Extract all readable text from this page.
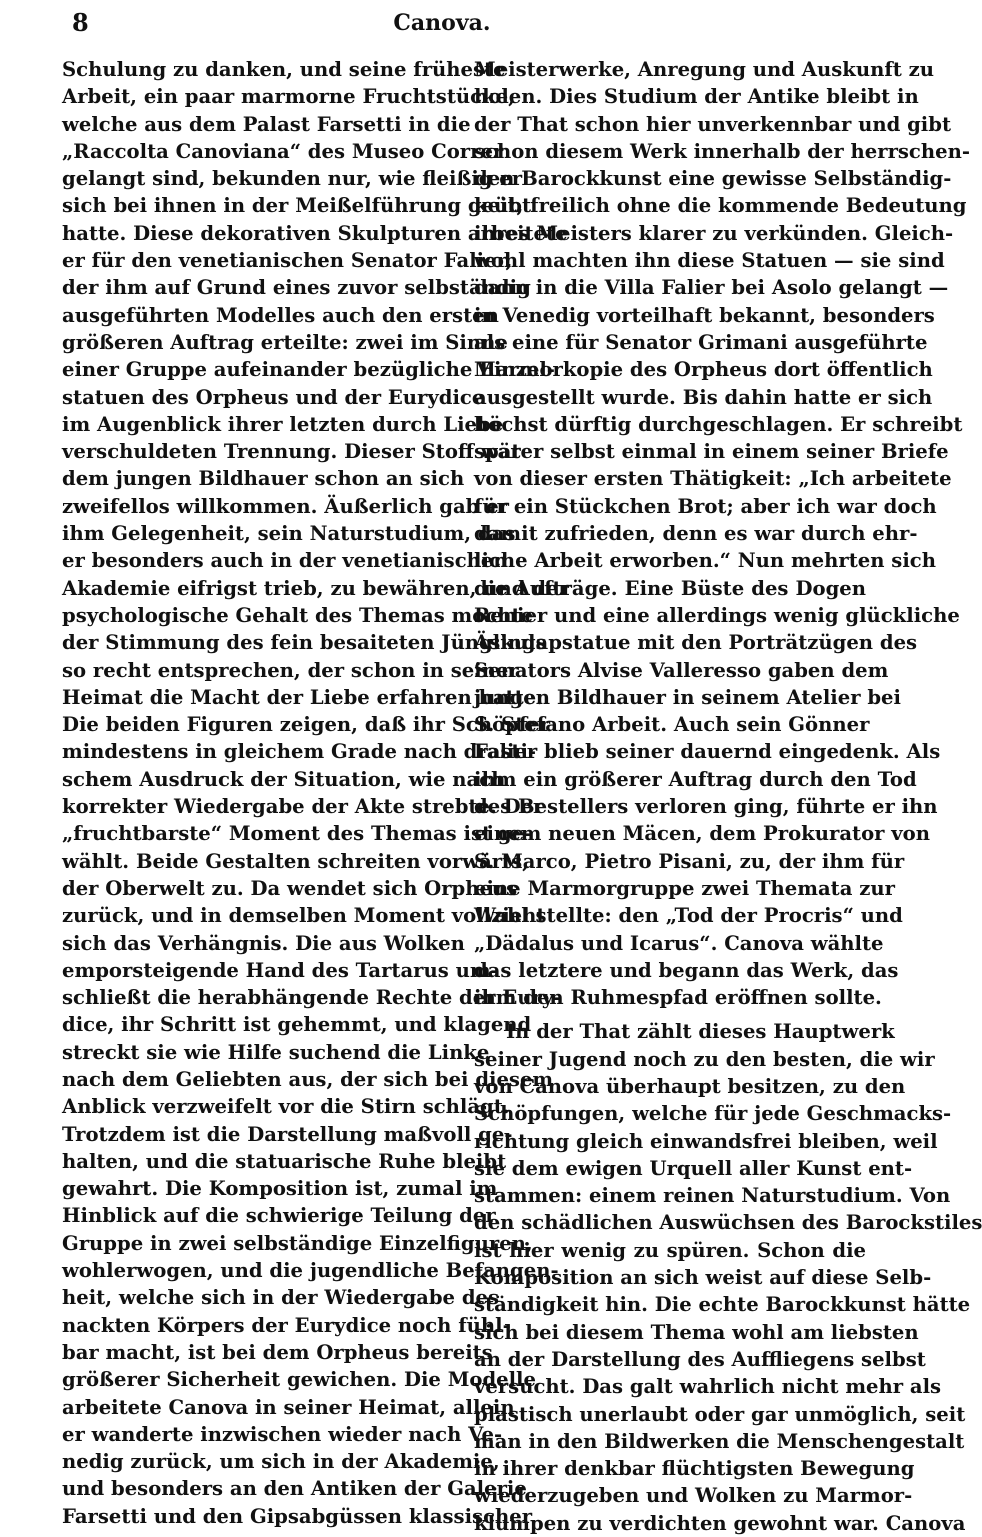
8	Canova.
Schulung zu danken, und seine früheste
Arbeit, ein paar marmorne Fruchtstücke,
welche aus dem Palast Farsetti in die
„Raccolta Canoviana“ des Museo Correr
gelangt sind, bekunden nur, wie fleißig er
sich bei ihnen in der Meißelführung geübt
hatte. Diese dekorativen Skulpturen arbeitete
er für den venetianischen Senator Falier,
der ihm auf Grund eines zuvor selbständig
ausgeführten Modelles auch den ersten
größeren Auftrag erteilte: zwei im Sinne
einer Gruppe aufeinander bezügliche Einzel-
statuen des Orpheus und der Eurydice
im Augenblick ihrer letzten durch Liebe
verschuldeten Trennung. Dieser Stoff war
dem jungen Bildhauer schon an sich
zweifellos willkommen. Äußerlich gab er
ihm Gelegenheit, sein Naturstudium, das
er besonders auch in der venetianischen
Akademie eifrigst trieb, zu bewähren, und der
psychologische Gehalt des Themas mochte
der Stimmung des fein besaiteten Jünglings
so recht entsprechen, der schon in seiner
Heimat die Macht der Liebe erfahren hatte.
Die beiden Figuren zeigen, daß ihr Schöpfer
mindestens in gleichem Grade nach drasti-
schem Ausdruck der Situation, wie nach
korrekter Wiedergabe der Akte strebte. Der
„fruchtbarste“ Moment des Themas ist ge-
wählt. Beide Gestalten schreiten vorwärts,
der Oberwelt zu. Da wendet sich Orpheus
zurück, und in demselben Moment vollzieht
sich das Verhängnis. Die aus Wolken
emporsteigende Hand des Tartarus um-
schließt die herabhängende Rechte der Eury-
dice, ihr Schritt ist gehemmt, und klagend
streckt sie wie Hilfe suchend die Linke
nach dem Geliebten aus, der sich bei diesem
Anblick verzweifelt vor die Stirn schlägt.
Trotzdem ist die Darstellung maßvoll ge-
halten, und die statuarische Ruhe bleibt
gewahrt. Die Komposition ist, zumal im
Hinblick auf die schwierige Teilung der
Gruppe in zwei selbständige Einzelfiguren,
wohlerwogen, und die jugendliche Befangen-
heit, welche sich in der Wiedergabe des
nackten Körpers der Eurydice noch fühl-
bar macht, ist bei dem Orpheus bereits
größerer Sicherheit gewichen. Die Modelle
arbeitete Canova in seiner Heimat, allein
er wanderte inzwischen wieder nach Ve-
nedig zurück, um sich in der Akademie,
und besonders an den Antiken der Galerie
Farsetti und den Gipsabgüssen klassischer
Meisterwerke, Anregung und Auskunft zu
holen. Dies Studium der Antike bleibt in
der That schon hier unverkennbar und gibt
schon diesem Werk innerhalb der herrschen-
den Barockkunst eine gewisse Selbständig-
keit, freilich ohne die kommende Bedeutung
ihres Meisters klarer zu verkünden. Gleich-
wohl machten ihn diese Statuen — sie sind
dann in die Villa Falier bei Asolo gelangt —
in Venedig vorteilhaft bekannt, besonders
als eine für Senator Grimani ausgeführte
Marmorkopie des Orpheus dort öffentlich
ausgestellt wurde. Bis dahin hatte er sich
höchst dürftig durchgeschlagen. Er schreibt
später selbst einmal in einem seiner Briefe
von dieser ersten Thätigkeit: „Ich arbeitete
für ein Stückchen Brot; aber ich war doch
damit zufrieden, denn es war durch ehr-
liche Arbeit erworben.“ Nun mehrten sich
die Aufträge. Eine Büste des Dogen
Renier und eine allerdings wenig glückliche
Äskulapstatue mit den Porträtzügen des
Senators Alvise Valleresso gaben dem
jungen Bildhauer in seinem Atelier bei
S. Stefano Arbeit. Auch sein Gönner
Falier blieb seiner dauernd eingedenk. Als
ihm ein größerer Auftrag durch den Tod
des Bestellers verloren ging, führte er ihn
einem neuen Mäcen, dem Prokurator von
S. Marco, Pietro Pisani, zu, der ihm für
eine Marmorgruppe zwei Themata zur
Wahl stellte: den „Tod der Procris“ und
„Dädalus und Icarus“. Canova wählte
das letztere und begann das Werk, das
ihm den Ruhmespfad eröffnen sollte.
In der That zählt dieses Hauptwerk
seiner Jugend noch zu den besten, die wir
von Canova überhaupt besitzen, zu den
Schöpfungen, welche für jede Geschmacks-
richtung gleich einwandsfrei bleiben, weil
sie dem ewigen Urquell aller Kunst ent-
stammen: einem reinen Naturstudium. Von
den schädlichen Auswüchsen des Barockstiles
ist hier wenig zu spüren. Schon die
Komposition an sich weist auf diese Selb-
ständigkeit hin. Die echte Barockkunst hätte
sich bei diesem Thema wohl am liebsten
an der Darstellung des Auffliegens selbst
versucht. Das galt wahrlich nicht mehr als
plastisch unerlaubt oder gar unmöglich, seit
man in den Bildwerken die Menschengestalt
in ihrer denkbar flüchtigsten Bewegung
wiederzugeben und Wolken zu Marmor-
klumpen zu verdichten gewohnt war. Canova
